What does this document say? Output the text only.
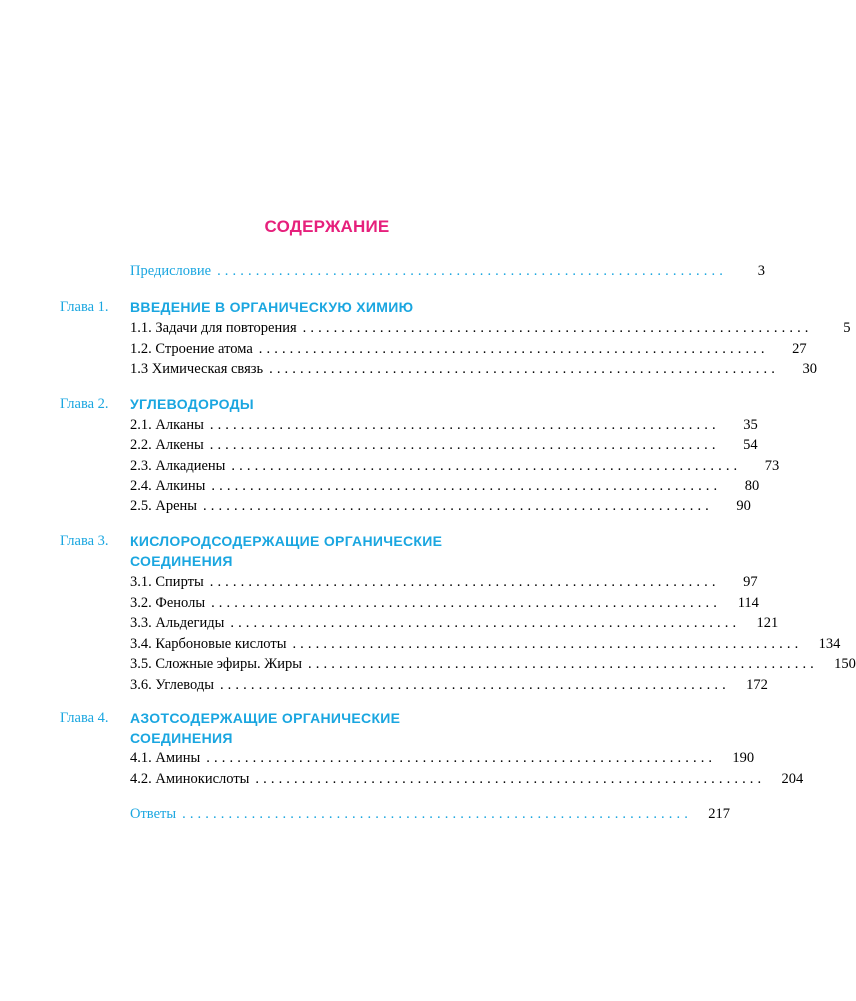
СОДЕРЖАНИЕ
Предисловие ..................................................................	3
Глава 1. ВВЕДЕНИЕ В ОРГАНИЧЕСКУЮ ХИМИЮ
1.1. Задачи для повторения ..................................................................	5
1.2. Строение атома ..................................................................	27
1.3 Химическая связь ..................................................................	30
Глава 2. УГЛЕВОДОРОДЫ
2.1. Алканы ..................................................................	35
2.2. Алкены ..................................................................	54
2.3. Алкадиены ..................................................................	73
2.4. Алкины ..................................................................	80
2.5. Арены ..................................................................	90
Глава 3. КИСЛОРОДСОДЕРЖАЩИЕ ОРГАНИЧЕСКИЕ
СОЕДИНЕНИЯ
3.1. Спирты ..................................................................	97
3.2. Фенолы ..................................................................	114
3.3. Альдегиды ..................................................................	121
3.4. Карбоновые кислоты ..................................................................	134
3.5. Сложные эфиры. Жиры ..................................................................	150
3.6. Углеводы ..................................................................	172
Глава 4. АЗОТСОДЕРЖАЩИЕ ОРГАНИЧЕСКИЕ
СОЕДИНЕНИЯ
4.1. Амины ..................................................................	190
4.2. Аминокислоты ..................................................................	204
Ответы ..................................................................	217
